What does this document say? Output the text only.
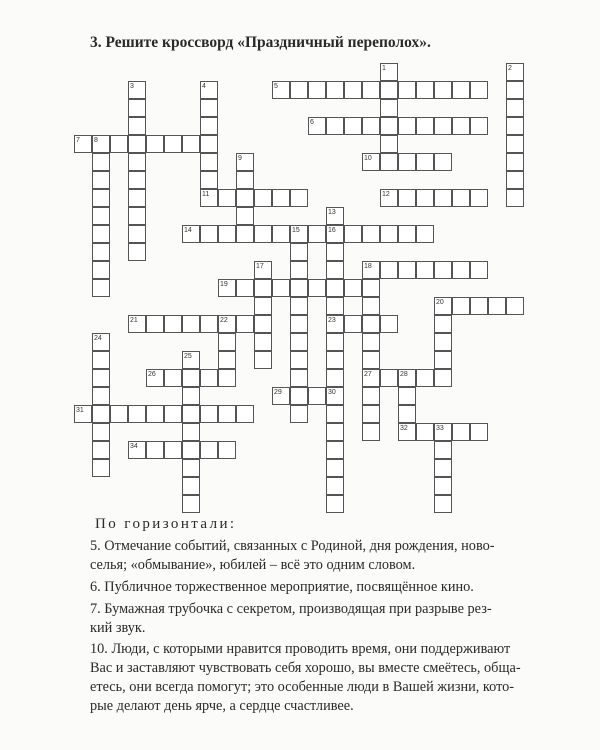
3. Решите кроссворд «Праздничный переполох».
1	2
3	4	5
6
7 8
9	10
11	12
13
14	15	16
17	18
19
20
21	22	23
24
25
26	27	28
29	30
31
32	33
34
По горизонтали:

5. Отмечание событий, связанных с Родиной, дня рождения, ново-
селья; «обмывание», юбилей – всё это одним словом.

6. Публичное торжественное мероприятие, посвящённое кино.

7. Бумажная трубочка с секретом, производящая при разрыве рез-
кий звук.

10. Люди, с которыми нравится проводить время, они поддерживают
Вас и заставляют чувствовать себя хорошо, вы вместе смеётесь, обща-
етесь, они всегда помогут; это особенные люди в Вашей жизни, кото-
рые делают день ярче, а сердце счастливее.
